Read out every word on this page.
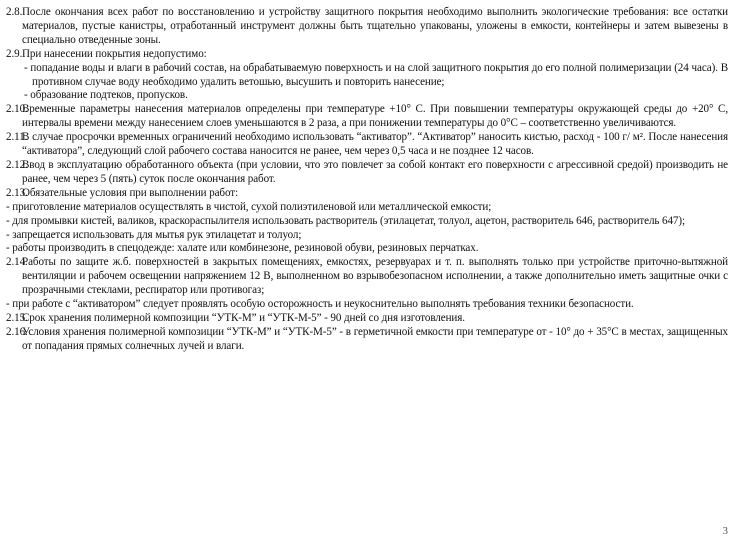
2.8. После окончания всех работ по восстановлению и устройству защитного покрытия необходимо выполнить экологические требования: все остатки материалов, пустые канистры, отработанный инструмент должны быть тщательно упакованы, уложены в емкости, контейнеры и затем вывезены в специально отведенные зоны.
2.9. При нанесении покрытия недопустимо:
- попадание воды и влаги в рабочий состав, на обрабатываемую поверхность и на слой защитного покрытия до его полной полимеризации (24 часа). В противном случае воду необходимо удалить ветошью, высушить и повторить нанесение;
- образование подтеков, пропусков.
2.10.
Временные параметры нанесения материалов определены при температуре +10° С. При повышении температуры окружающей среды до +20° С, интервалы времени между нанесением слоев уменьшаются в 2 раза, а при понижении температуры до 0°С – соответственно увеличиваются.
2.11.
В случае просрочки временных ограничений необходимо использовать “активатор”. “Активатор” наносить кистью, расход - 100 г/ м². После нанесения “активатора”, следующий слой рабочего состава наносится не ранее, чем через 0,5 часа и не позднее 12 часов.
2.12.
Ввод в эксплуатацию обработанного объекта (при условии, что это повлечет за собой контакт его поверхности с агрессивной средой) производить не ранее, чем через 5 (пять) суток после окончания работ.
2.13.
Обязательные условия при выполнении работ:
- приготовление материалов осуществлять в чистой, сухой полиэтиленовой или металлической емкости;
- для промывки кистей, валиков, краскораспылителя использовать растворитель (этилацетат, толуол, ацетон, растворитель 646, растворитель 647);
- запрещается использовать для мытья рук этилацетат и толуол;
- работы производить в спецодежде: халате или комбинезоне, резиновой обуви, резиновых перчатках.
2.14.
Работы по защите ж.б. поверхностей в закрытых помещениях, емкостях, резервуарах и т. п. выполнять только при устройстве приточно-вытяжной вентиляции и рабочем освещении напряжением 12 В, выполненном во взрывобезопасном исполнении, а также дополнительно иметь защитные очки с прозрачными стеклами, респиратор или противогаз;
- при работе с “активатором” следует проявлять особую осторожность и неукоснительно выполнять требования техники безопасности.
2.15.
Срок хранения полимерной композиции “УТК-М” и “УТК-М-5” - 90 дней со дня изготовления.
2.16.
Условия хранения полимерной композиции “УТК-М” и “УТК-М-5” - в герметичной емкости при температуре от - 10° до + 35°С в местах, защищенных от попадания прямых солнечных лучей и влаги.
3
